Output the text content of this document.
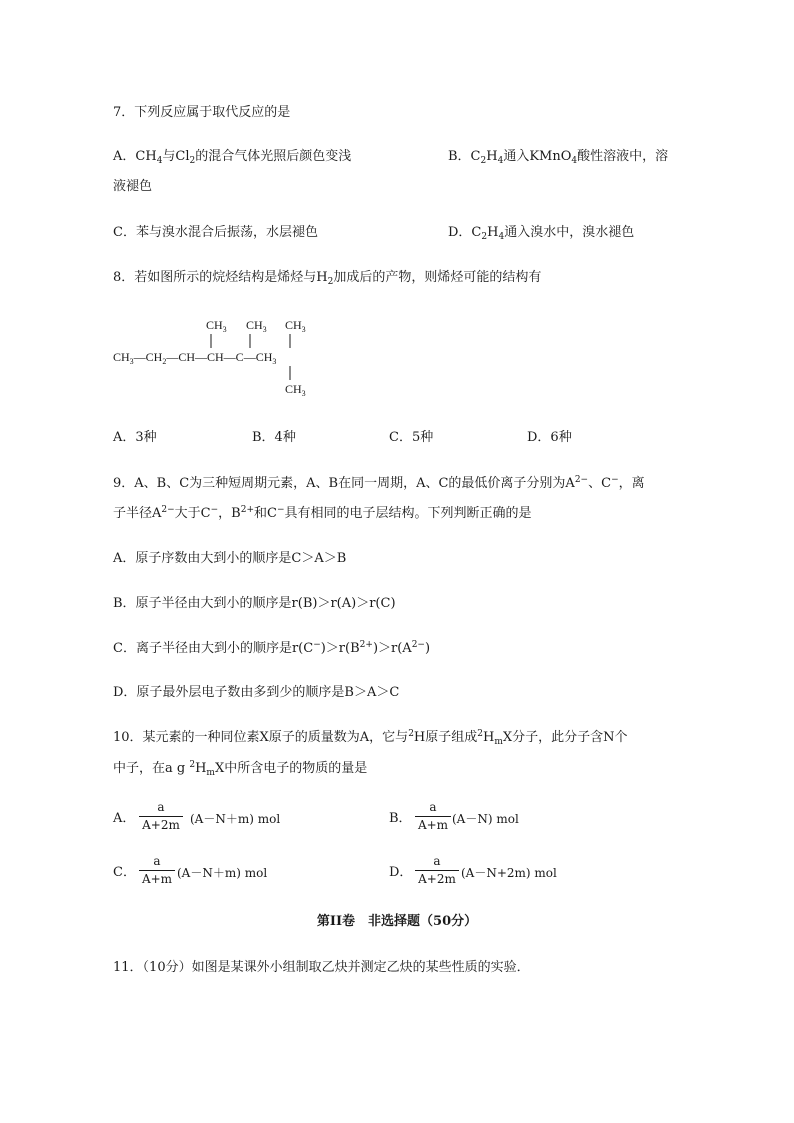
7．下列反应属于取代反应的是
A．$CH_4$与$Cl_2$的混合气体光照后颜色变浅	B．$C_2H_4$通入KMnO$_4$酸性溶液中，溶
液褪色
C．苯与溴水混合后振荡，水层褪色	D．$C_2H_4$通入溴水中，溴水褪色
8．若如图所示的烷烃结构是烯烃与$H_2$加成后的产物，则烯烃可能的结构有
$CH_3$ $CH_3$ $CH_3$
$CH_3—CH_2—CH—CH—C—CH_3$
$CH_3$
A．3种	B．4种	C．5种	D．6种
9．A、B、C为三种短周期元素，A、B在同一周期，A、C的最低价离子分别为$A^{2-}$、C−，离
子半径$A^{2-}$大于C−，$B^{2+}$和C−具有相同的电子层结构。下列判断正确的是
A．原子序数由大到小的顺序是C＞A＞B
B．原子半径由大到小的顺序是r(B)＞r(A)＞r(C)
C．离子半径由大到小的顺序是$r(C^-)>r(B^{2+})>r(A^{2-})$
D．原子最外层电子数由多到少的顺序是B＞A＞C
10．某元素的一种同位素X原子的质量数为A，它与$^2$H原子组成$^2H_mX$分子，此分子含N个
中子，在a g $^2H_mX$中所含电子的物质的量是
A．
a
A+2m (A－N＋m) mol	B．
a
A+m (A－N) mol
C．
a
A+m (A－N＋m) mol	D．
a
A+2m (A－N+2m) mol
第II卷　非选择题（50分）
11．（10分）如图是某课外小组制取乙炔并测定乙炔的某些性质的实验．
